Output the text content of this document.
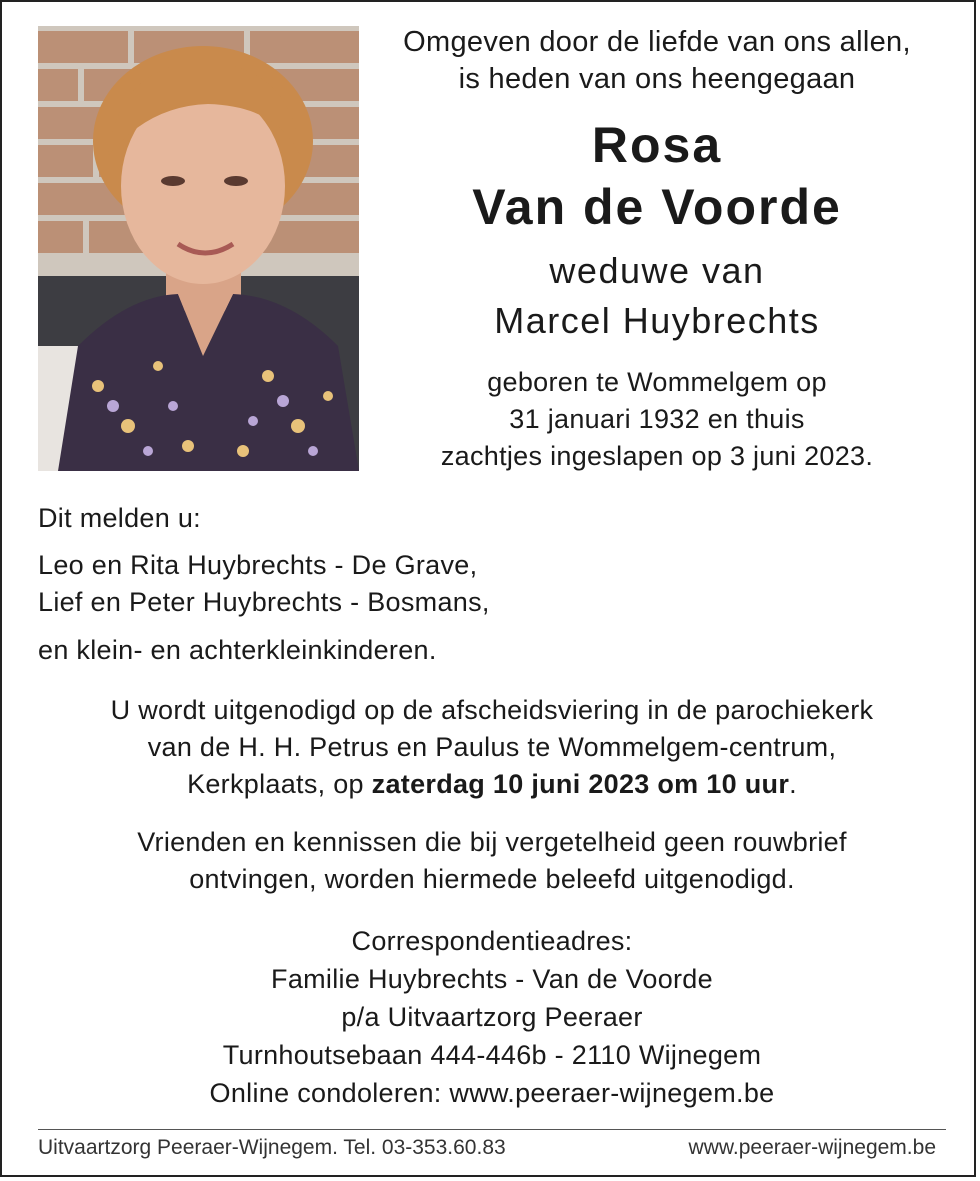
Omgeven door de liefde van ons allen,
is heden van ons heengegaan
Rosa
Van de Voorde
weduwe van
Marcel Huybrechts
geboren te Wommelgem op
31 januari 1932 en thuis
zachtjes ingeslapen op 3 juni 2023.
Dit melden u:
Leo en Rita Huybrechts - De Grave,
Lief en Peter Huybrechts - Bosmans,
en klein- en achterkleinkinderen.
U wordt uitgenodigd op de afscheidsviering in de parochiekerk
van de H. H. Petrus en Paulus te Wommelgem-centrum,
Kerkplaats, op zaterdag 10 juni 2023 om 10 uur.
Vrienden en kennissen die bij vergetelheid geen rouwbrief
ontvingen, worden hiermede beleefd uitgenodigd.
Correspondentieadres:
Familie Huybrechts - Van de Voorde
p/a Uitvaartzorg Peeraer
Turnhoutsebaan 444-446b - 2110 Wijnegem
Online condoleren: www.peeraer-wijnegem.be
Uitvaartzorg Peeraer-Wijnegem. Tel. 03-353.60.83	www.peeraer-wijnegem.be
